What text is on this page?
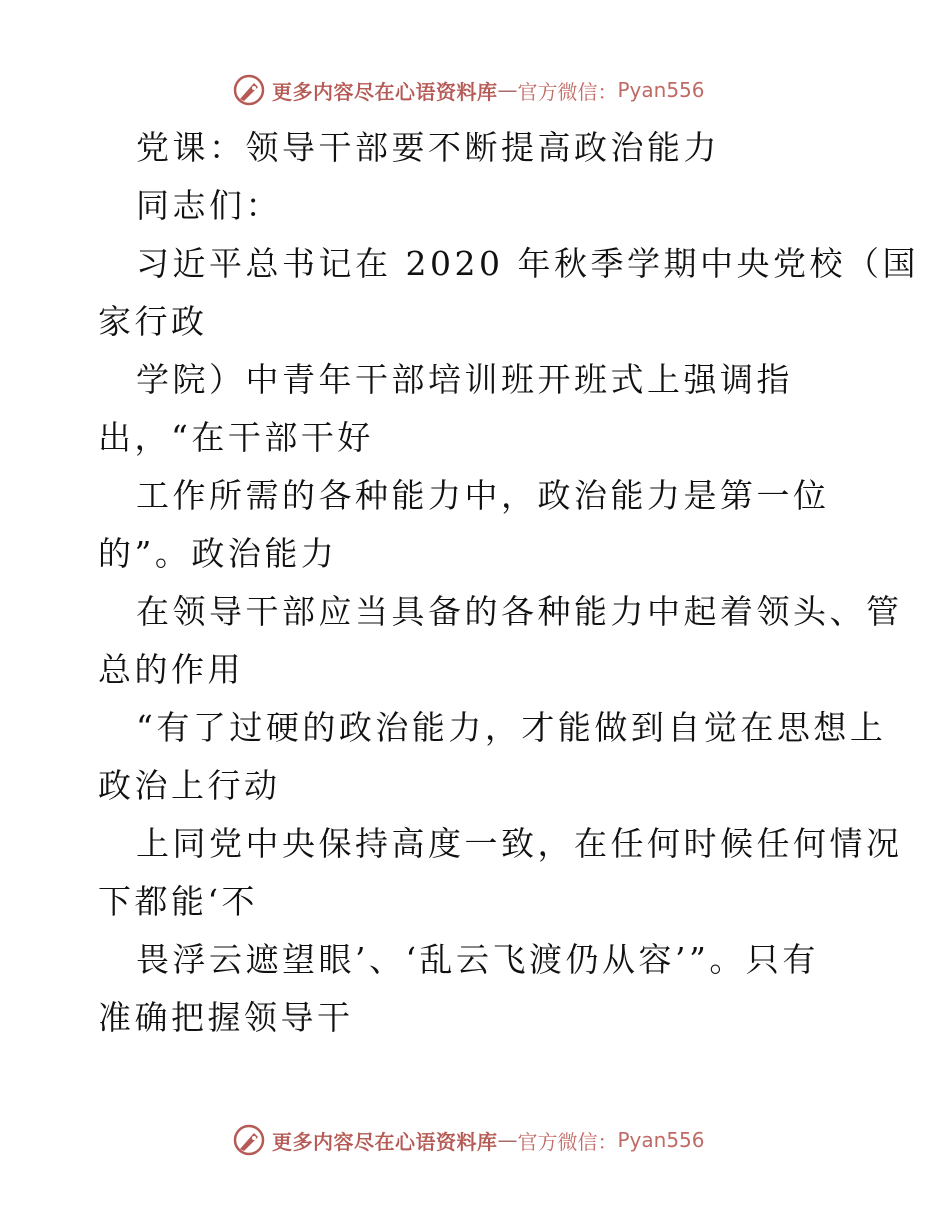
更多内容尽在心语资料库 — 官方微信： Pyan556
党课：领导干部要不断提高政治能力
同志们：
习近平总书记在 2020 年秋季学期中央党校（国
家行政
学院）中青年干部培训班开班式上强调指
出，“在干部干好
工作所需的各种能力中，政治能力是第一位
的”。政治能力
在领导干部应当具备的各种能力中起着领头、管
总的作用
“有了过硬的政治能力，才能做到自觉在思想上
政治上行动
上同党中央保持高度一致，在任何时候任何情况
下都能‘不
畏浮云遮望眼’、‘乱云飞渡仍从容’”。只有
准确把握领导干
更多内容尽在心语资料库 — 官方微信： Pyan556
